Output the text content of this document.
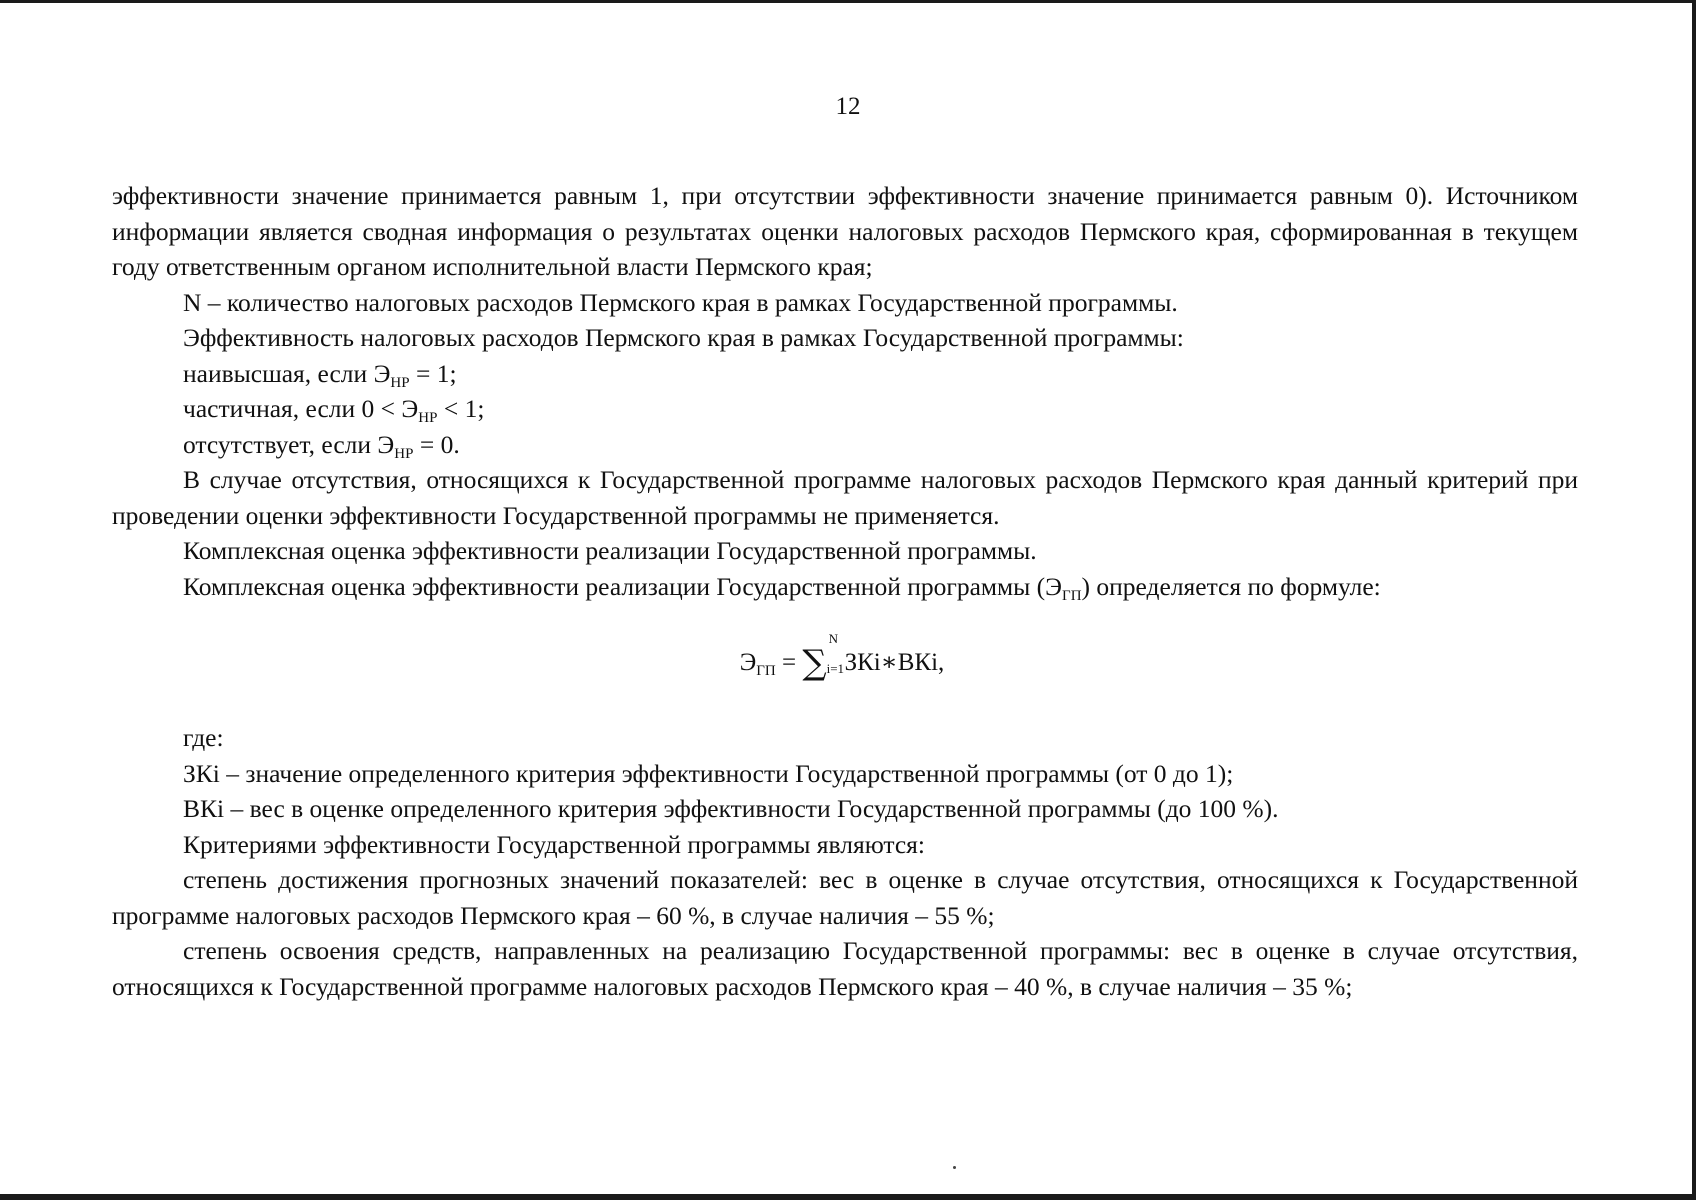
12

эффективности значение принимается равным 1, при отсутствии эффективности значение принимается равным 0). Источником информации является сводная информация о результатах оценки налоговых расходов Пермского края, сформированная в текущем году ответственным органом исполнительной власти Пермского края;

N – количество налоговых расходов Пермского края в рамках Государственной программы.

Эффективность налоговых расходов Пермского края в рамках Государственной программы:

наивысшая, если $Э_{НР} = 1$;

частичная, если $0 < Э_{НР} < 1$;

отсутствует, если $Э_{НР} = 0$.

В случае отсутствия, относящихся к Государственной программе налоговых расходов Пермского края данный критерий при проведении оценки эффективности Государственной программы не применяется.

Комплексная оценка эффективности реализации Государственной программы.

Комплексная оценка эффективности реализации Государственной программы $(Э_{ГП})$ определяется по формуле:

$Э_{ГП}$ = ∑
N
i=1 ЗКi∗ВКi,

где:

ЗКi – значение определенного критерия эффективности Государственной программы (от 0 до 1);

ВКi – вес в оценке определенного критерия эффективности Государственной программы (до 100 %).

Критериями эффективности Государственной программы являются:

степень достижения прогнозных значений показателей: вес в оценке в случае отсутствия, относящихся к Государственной программе налоговых расходов Пермского края – 60 %, в случае наличия – 55 %;

степень освоения средств, направленных на реализацию Государственной программы: вес в оценке в случае отсутствия, относящихся к Государственной программе налоговых расходов Пермского края – 40 %, в случае наличия – 35 %;
